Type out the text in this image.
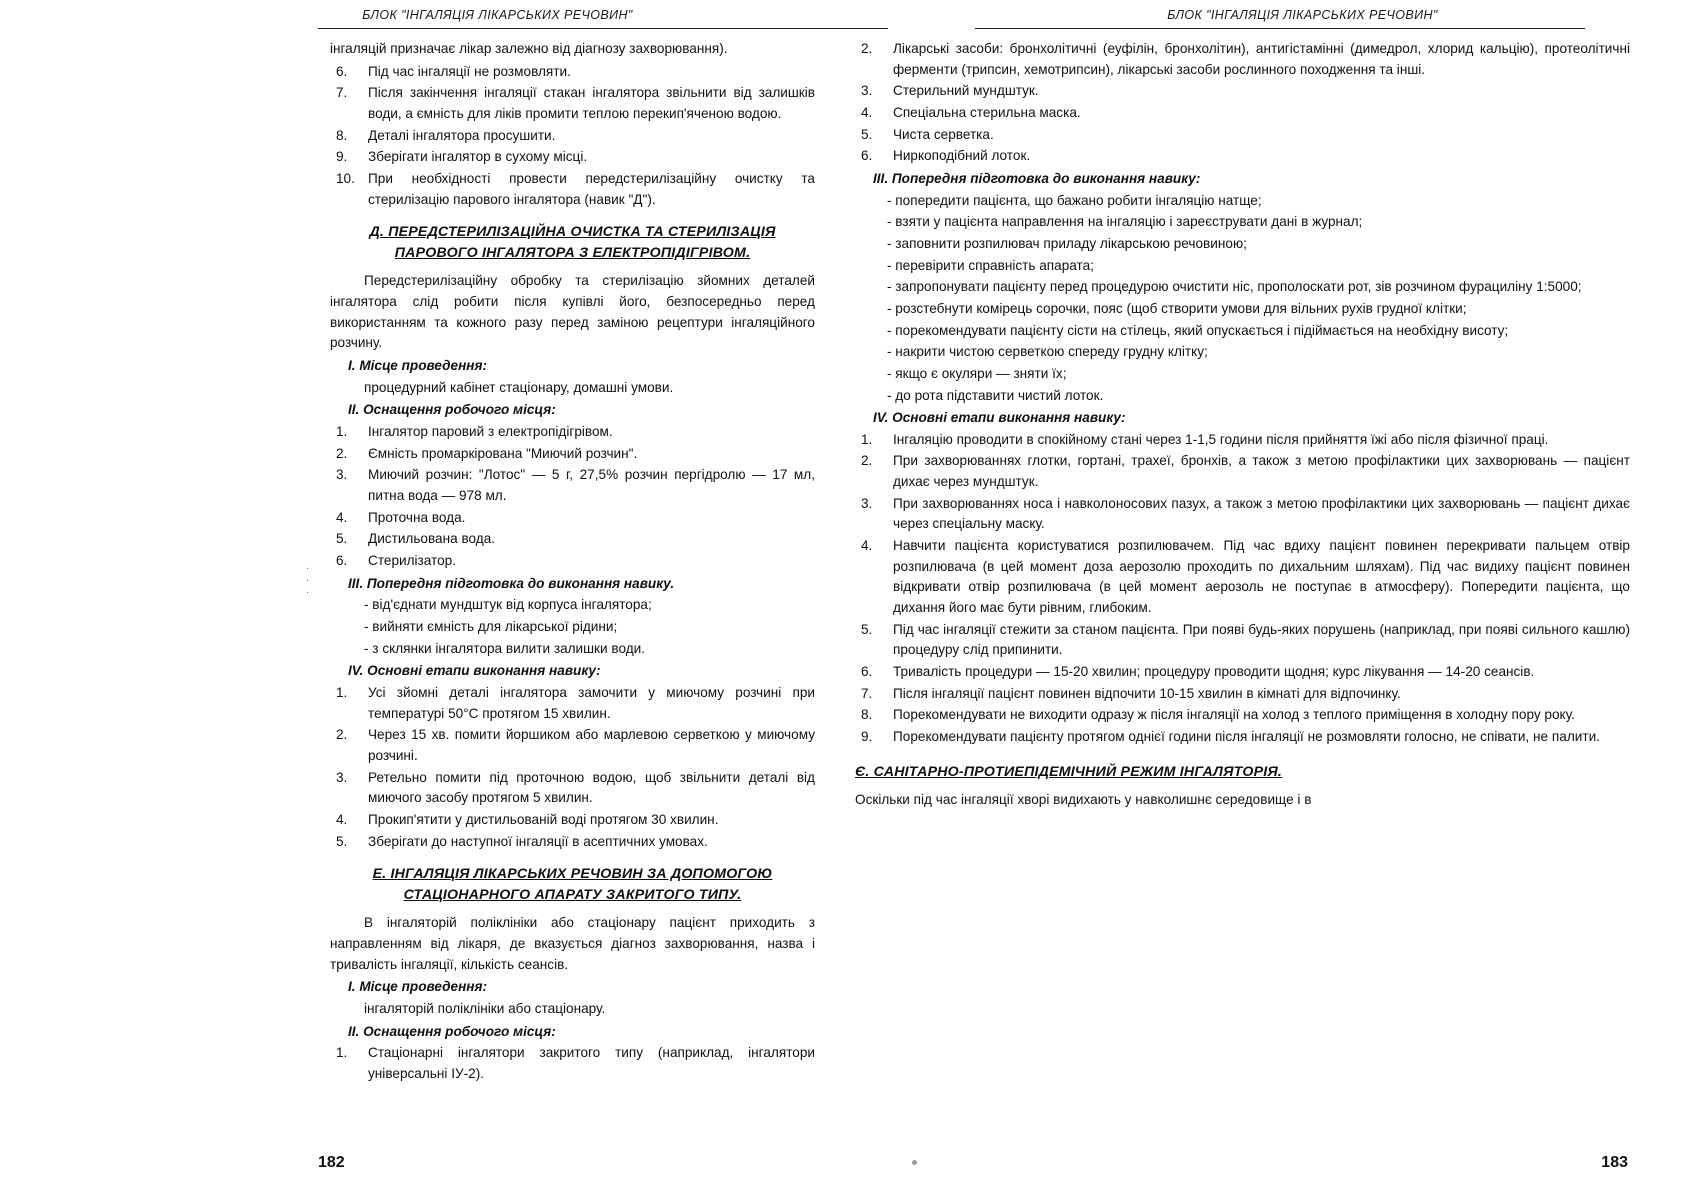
БЛОК "ІНГАЛЯЦІЯ ЛІКАРСЬКИХ РЕЧОВИН"

інгаляцій призначає лікар залежно від діагнозу захворювання).

6. Під час інгаляції не розмовляти.
7. Після закінчення інгаляції стакан інгалятора звільнити від залишків води, а ємність для ліків промити теплою перекип'яченою водою.
8. Деталі інгалятора просушити.
9. Зберігати інгалятор в сухому місці.
10. При необхідності провести передстерилізаційну очистку та стерилізацію парового інгалятора (навик "Д").
Д. ПЕРЕДСТЕРИЛІЗАЦІЙНА ОЧИСТКА ТА СТЕРИЛІЗАЦІЯ ПАРОВОГО ІНГАЛЯТОРА З ЕЛЕКТРОПІДІГРІВОМ.

Передстерилізаційну обробку та стерилізацію зйомних деталей інгалятора слід робити після купівлі його, безпосередньо перед використанням та кожного разу перед заміною рецептури інгаляційного розчину.

I. Місце проведення:
процедурний кабінет стаціонару, домашні умови.
II. Оснащення робочого місця:
1. Інгалятор паровий з електропідігрівом.
2. Ємність промаркірована "Миючий розчин".
3. Миючий розчин: "Лотос" — 5 г, 27,5% розчин пергідролю — 17 мл, питна вода — 978 мл.
4. Проточна вода.
5. Дистильована вода.
6. Стерилізатор.
III. Попередня підготовка до виконання навику.
- від'єднати мундштук від корпуса інгалятора;
- вийняти ємність для лікарської рідини;
- з склянки інгалятора вилити залишки води.
IV. Основні етапи виконання навику:
1. Усі зйомні деталі інгалятора замочити у миючому розчині при температурі 50°С протягом 15 хвилин.
2. Через 15 хв. помити йоршиком або марлевою серветкою у миючому розчині.
3. Ретельно помити під проточною водою, щоб звільнити деталі від миючого засобу протягом 5 хвилин.
4. Прокип'ятити у дистильованій воді протягом 30 хвилин.
5. Зберігати до наступної інгаляції в асептичних умовах.
Е. ІНГАЛЯЦІЯ ЛІКАРСЬКИХ РЕЧОВИН ЗА ДОПОМОГОЮ СТАЦІОНАРНОГО АПАРАТУ ЗАКРИТОГО ТИПУ.

В інгаляторій поліклініки або стаціонару пацієнт приходить з направленням від лікаря, де вказується діагноз захворювання, назва і тривалість інгаляції, кількість сеансів.

I. Місце проведення:
інгаляторій поліклініки або стаціонару.
II. Оснащення робочого місця:
1. Стаціонарні інгалятори закритого типу (наприклад, інгалятори універсальні ІУ-2).
.
.
.
182
БЛОК "ІНГАЛЯЦІЯ ЛІКАРСЬКИХ РЕЧОВИН"
2. Лікарські засоби: бронхолітичні (еуфілін, бронхолітин), антигістамінні (димедрол, хлорид кальцію), протеолітичні ферменти (трипсин, хемотрипсин), лікарські засоби рослинного походження та інші.
3. Стерильний мундштук.
4. Спеціальна стерильна маска.
5. Чиста серветка.
6. Ниркоподібний лоток.
III. Попередня підготовка до виконання навику:
- попередити пацієнта, що бажано робити інгаляцію натще;
- взяти у пацієнта направлення на інгаляцію і зареєструвати дані в журнал;
- заповнити розпилювач приладу лікарською речовиною;
- перевірити справність апарата;
- запропонувати пацієнту перед процедурою очистити ніс, прополоскати рот, зів розчином фурациліну 1:5000;
- розстебнути комірець сорочки, пояс (щоб створити умови для вільних рухів грудної клітки;
- порекомендувати пацієнту сісти на стілець, який опускається і підіймається на необхідну висоту;
- накрити чистою серветкою спереду грудну клітку;
- якщо є окуляри — зняти їх;
- до рота підставити чистий лоток.
IV. Основні етапи виконання навику:
1. Інгаляцію проводити в спокійному стані через 1-1,5 години після прийняття їжі або після фізичної праці.
2. При захворюваннях глотки, гортані, трахеї, бронхів, а також з метою профілактики цих захворювань — пацієнт дихає через мундштук.
3. При захворюваннях носа і навколоносових пазух, а також з метою профілактики цих захворювань — пацієнт дихає через спеціальну маску.
4. Навчити пацієнта користуватися розпилювачем. Під час вдиху пацієнт повинен перекривати пальцем отвір розпилювача (в цей момент доза аерозолю проходить по дихальним шляхам). Під час видиху пацієнт повинен відкривати отвір розпилювача (в цей момент аерозоль не поступає в атмосферу). Попередити пацієнта, що дихання його має бути рівним, глибоким.
5. Під час інгаляції стежити за станом пацієнта. При появі будь-яких порушень (наприклад, при появі сильного кашлю) процедуру слід припинити.
6. Тривалість процедури — 15-20 хвилин; процедуру проводити щодня; курс лікування — 14-20 сеансів.
7. Після інгаляції пацієнт повинен відпочити 10-15 хвилин в кімнаті для відпочинку.
8. Порекомендувати не виходити одразу ж після інгаляції на холод з теплого приміщення в холодну пору року.
9. Порекомендувати пацієнту протягом однієї години після інгаляції не розмовляти голосно, не співати, не палити.
Є. САНІТАРНО-ПРОТИЕПІДЕМІЧНИЙ РЕЖИМ ІНГАЛЯТОРІЯ.

Оскільки під час інгаляції хворі видихають у навколишнє середовище і в

183
